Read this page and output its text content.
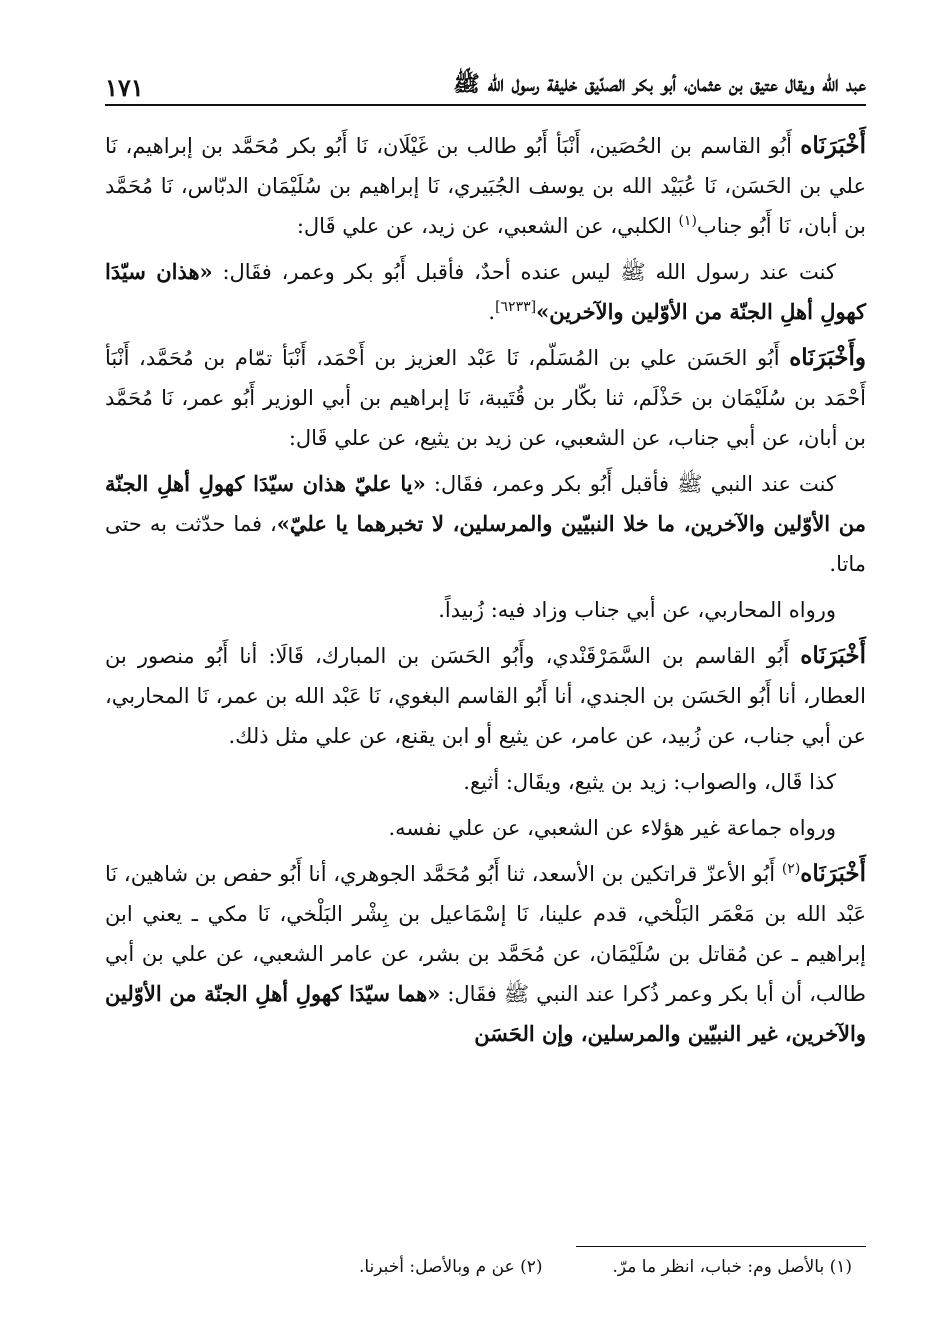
عبد الله ويقال عتيق بن عثمان، أبو بكر الصدّيق خليفة رسول الله ﷺ
١٧١

أَخْبَرَنَاه أَبُو القاسم بن الحُصَين، أَنْبَأ أَبُو طالب بن غَيْلَان، نَا أَبُو بكر مُحَمَّد بن إبراهيم، نَا علي بن الحَسَن، نَا عُبَيْد الله بن يوسف الجُبَيري، نَا إبراهيم بن سُلَيْمَان الدبّاس، نَا مُحَمَّد بن أبان، نَا أَبُو جناب$^{(١)}$ الكلبي، عن الشعبي، عن زيد، عن علي قَال:

كنت عند رسول الله ﷺ ليس عنده أحدٌ، فأقبل أَبُو بكر وعمر، فقَال: «هذان سيّدَا كهولِ أهلِ الجنّة من الأوّلين والآخرين»[٦٢٣٣].

وأَخْبَرَنَاه أَبُو الحَسَن علي بن المُسَلّم، نَا عَبْد العزيز بن أَحْمَد، أَنْبَأ تمّام بن مُحَمَّد، أَنْبَأ أَحْمَد بن سُلَيْمَان بن حَذْلَم، ثنا بكّار بن قُتَيبة، نَا إبراهيم بن أبي الوزير أَبُو عمر، نَا مُحَمَّد بن أبان، عن أبي جناب، عن الشعبي، عن زيد بن يثيع، عن علي قَال:

كنت عند النبي ﷺ فأقبل أَبُو بكر وعمر، فقَال: «يا عليّ هذان سيّدَا كهولِ أهلِ الجنّة من الأوّلين والآخرين، ما خلا النبيّين والمرسلين، لا تخبرهما يا عليّ»، فما حدّثت به حتى ماتا.

ورواه المحاربي، عن أبي جناب وزاد فيه: زُبيداً.

أَخْبَرَنَاه أَبُو القاسم بن السَّمَرْقَنْدي، وأَبُو الحَسَن بن المبارك، قَالَا: أنا أَبُو منصور بن العطار، أنا أَبُو الحَسَن بن الجندي، أنا أَبُو القاسم البغوي، نَا عَبْد الله بن عمر، نَا المحاربي، عن أبي جناب، عن زُبيد، عن عامر، عن يثيع أو ابن يقنع، عن علي مثل ذلك.

كذا قَال، والصواب: زيد بن يثيع، ويقَال: أثيع.

ورواه جماعة غير هؤلاء عن الشعبي، عن علي نفسه.

أَخْبَرَنَاه$^{(٢)}$ أَبُو الأعزّ قراتكين بن الأسعد، ثنا أَبُو مُحَمَّد الجوهري، أنا أَبُو حفص بن شاهين، نَا عَبْد الله بن مَعْمَر البَلْخي، قدم علينا، نَا إسْمَاعيل بن بِشْر البَلْخي، نَا مكي ـ يعني ابن إبراهيم ـ عن مُقاتل بن سُلَيْمَان، عن مُحَمَّد بن بشر، عن عامر الشعبي، عن علي بن أبي طالب، أن أبا بكر وعمر ذُكرا عند النبي ﷺ فقَال: «هما سيّدَا كهولِ أهلِ الجنّة من الأوّلين والآخرين، غير النبيّين والمرسلين، وإن الحَسَن

(١) بالأصل وم: خباب، انظر ما مرّ.
(٢) عن م وبالأصل: أخبرنا.
